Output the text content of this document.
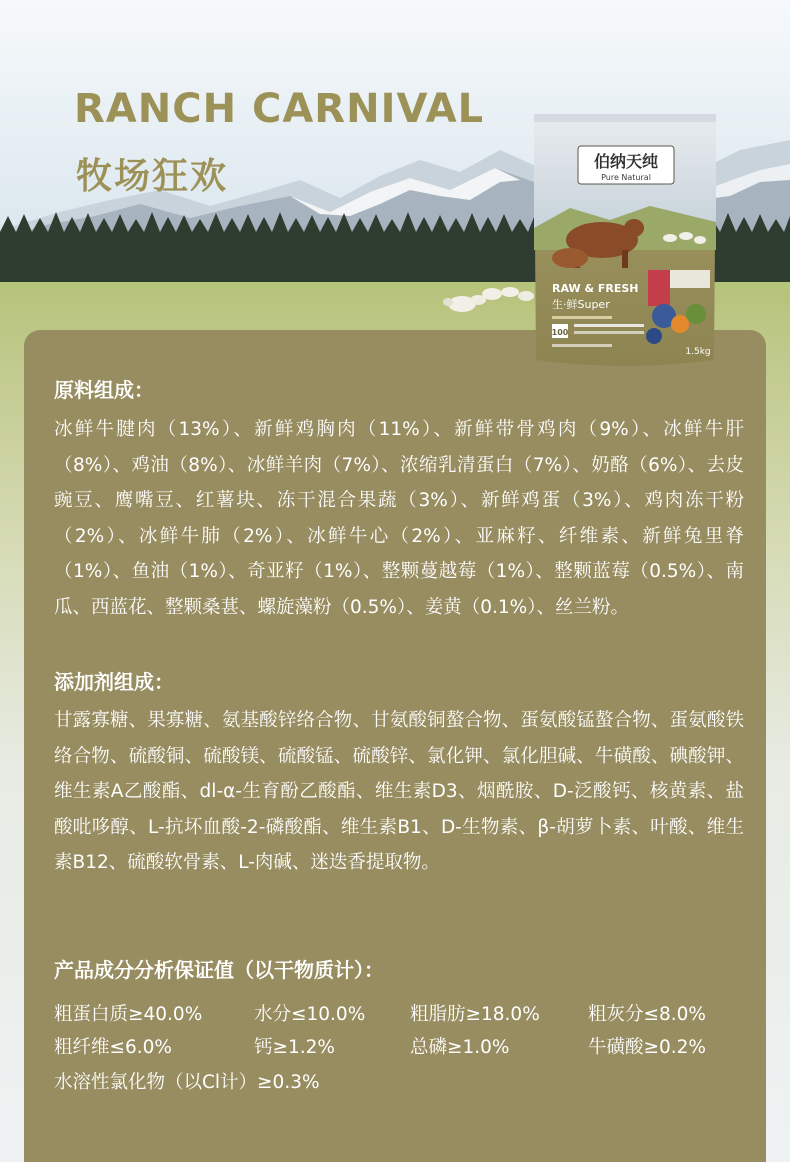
RANCH CARNIVAL
牧场狂欢	伯纳天纯
Pure Natural
RAW & FRESH
生·鲜Super
100
1.5kg
原料组成：

冰鲜牛腱肉（13%）、新鲜鸡胸肉（11%）、新鲜带骨鸡肉（9%）、冰鲜牛肝（8%）、鸡油（8%）、冰鲜羊肉（7%）、浓缩乳清蛋白（7%）、奶酪（6%）、去皮豌豆、鹰嘴豆、红薯块、冻干混合果蔬（3%）、新鲜鸡蛋（3%）、鸡肉冻干粉（2%）、冰鲜牛肺（2%）、冰鲜牛心（2%）、亚麻籽、纤维素、新鲜兔里脊（1%）、鱼油（1%）、奇亚籽（1%）、整颗蔓越莓（1%）、整颗蓝莓（0.5%）、南瓜、西蓝花、整颗桑葚、螺旋藻粉（0.5%）、姜黄（0.1%）、丝兰粉。

添加剂组成：

甘露寡糖、果寡糖、氨基酸锌络合物、甘氨酸铜螯合物、蛋氨酸锰螯合物、蛋氨酸铁络合物、硫酸铜、硫酸镁、硫酸锰、硫酸锌、氯化钾、氯化胆碱、牛磺酸、碘酸钾、维生素A乙酸酯、dl-α-生育酚乙酸酯、维生素D3、烟酰胺、D-泛酸钙、核黄素、盐酸吡哆醇、L-抗坏血酸-2-磷酸酯、维生素B1、D-生物素、β-胡萝卜素、叶酸、维生素B12、硫酸软骨素、L-肉碱、迷迭香提取物。

产品成分分析保证值（以干物质计）：
粗蛋白质≥40.0%	水分≤10.0% 粗脂肪≥18.0%	粗灰分≤8.0%
粗纤维≤6.0%	钙≥1.2%	总磷≥1.0%	牛磺酸≥0.2%
水溶性氯化物（以Cl计）≥0.3%
